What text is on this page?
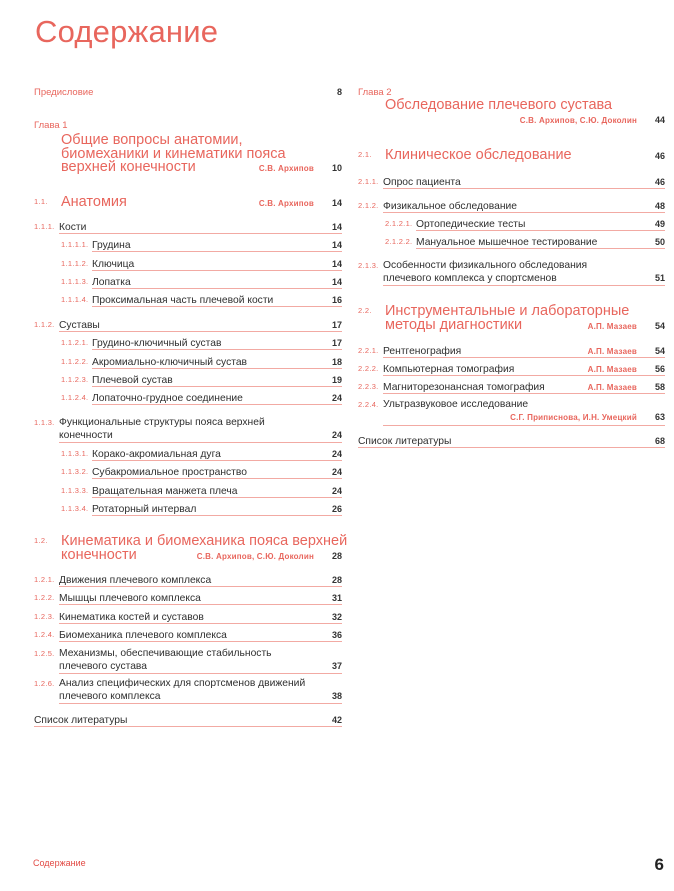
Содержание
Предисловие	8
Глава 1
Общие вопросы анатомии,
биомеханики и кинематики пояса
верхней конечности	С.В. Архипов	10
1.1. Анатомия	С.В. Архипов	14
1.1.1. Кости	14
1.1.1.1. Грудина	14
1.1.1.2. Ключица	14
1.1.1.3. Лопатка	14
1.1.1.4. Проксимальная часть плечевой кости	16
1.1.2. Суставы	17
1.1.2.1. Грудино-ключичный сустав	17
1.1.2.2. Акромиально-ключичный сустав	18
1.1.2.3. Плечевой сустав	19
1.1.2.4. Лопаточно-грудное соединение	24
1.1.3. Функциональные структуры пояса верхней
конечности	24
1.1.3.1. Корако-акромиальная дуга	24
1.1.3.2. Субакромиальное пространство	24
1.1.3.3. Вращательная манжета плеча	24
1.1.3.4. Ротаторный интервал	26
1.2. Кинематика и биомеханика пояса верхней
конечности	С.В. Архипов, С.Ю. Доколин	28
1.2.1. Движения плечевого комплекса	28
1.2.2. Мышцы плечевого комплекса	31
1.2.3. Кинематика костей и суставов	32
1.2.4. Биомеханика плечевого комплекса	36
1.2.5. Механизмы, обеспечивающие стабильность
плечевого сустава	37
1.2.6. Анализ специфических для спортсменов движений
плечевого комплекса	38
Список литературы	42
Глава 2
Обследование плечевого сустава
С.В. Архипов, С.Ю. Доколин	44
2.1. Клиническое обследование	46
2.1.1. Опрос пациента	46
2.1.2. Физикальное обследование	48
2.1.2.1. Ортопедические тесты	49
2.1.2.2. Мануальное мышечное тестирование	50
2.1.3. Особенности физикального обследования
плечевого комплекса у спортсменов	51
2.2. Инструментальные и лабораторные
методы диагностики	А.П. Мазаев	54
2.2.1. Рентгенография	А.П. Мазаев	54
2.2.2. Компьютерная томография	А.П. Мазаев	56
2.2.3. Магниторезонансная томография	А.П. Мазаев	58
2.2.4. Ультразвуковое исследование
С.Г. Приписнова, И.Н. Умецкий	63
Список литературы	68
Содержание	6
